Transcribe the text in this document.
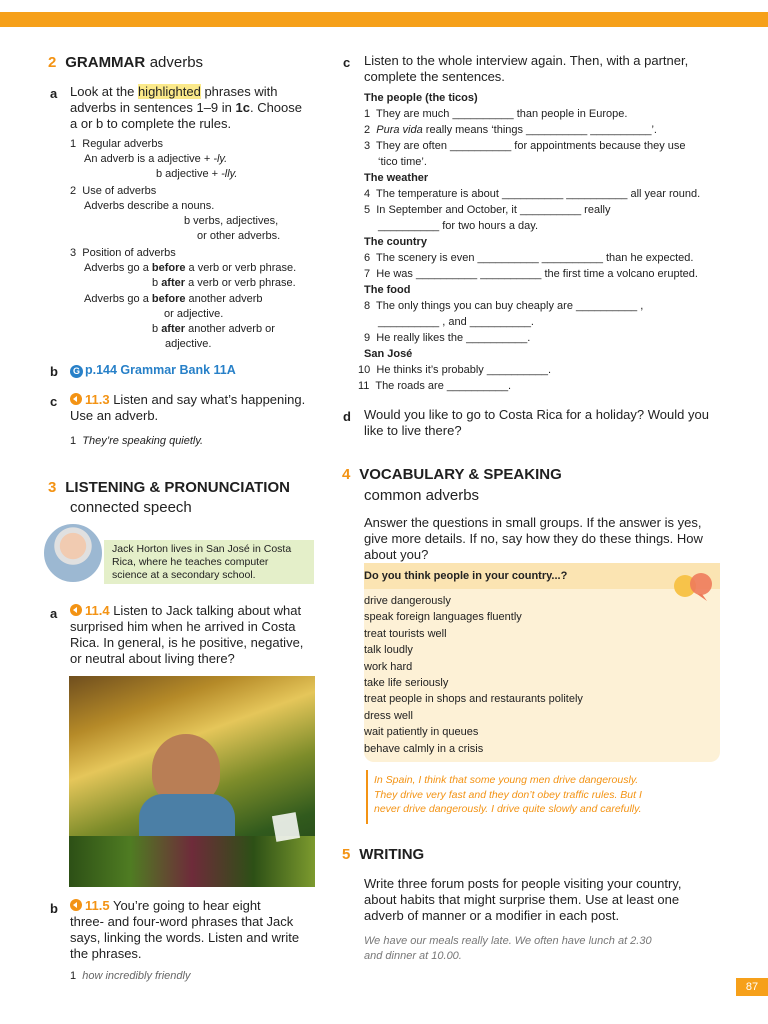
2 GRAMMAR adverbs
a Look at the highlighted phrases with
adverbs in sentences 1–9 in 1c. Choose
a or b to complete the rules.
1 Regular adverbs
An adverb is a adjective + -ly.
b adjective + -lly.
2 Use of adverbs
Adverbs describe a nouns.
b verbs, adjectives,
or other adverbs.
3 Position of adverbs
Adverbs go a before a verb or verb phrase.
b after a verb or verb phrase.
Adverbs go a before another adverb
or adjective.
b after another adverb or
adjective.
b	G p.144 Grammar Bank 11A
c	11.3 Listen and say what’s happening.
Use an adverb.
1 They’re speaking quietly.
3 LISTENING & PRONUNCIATION
connected speech
Jack Horton lives in San José in Costa Rica, where he teaches computer science at a secondary school.
a	11.4 Listen to Jack talking about what
surprised him when he arrived in Costa
Rica. In general, is he positive, negative,
or neutral about living there?
b	11.5 You’re going to hear eight
three- and four-word phrases that Jack
says, linking the words. Listen and write
the phrases.
1 how incredibly friendly
c Listen to the whole interview again. Then, with a partner,
complete the sentences.
The people (the ticos)
1 They are much __________ than people in Europe.
2 Pura vida really means ‘things __________ __________’.
3 They are often __________ for appointments because they use
‘tico time’.
The weather
4 The temperature is about __________ __________ all year round.
5 In September and October, it __________ really
__________ for two hours a day.
The country
6 The scenery is even __________ __________ than he expected.
7 He was __________ __________ the first time a volcano erupted.
The food
8 The only things you can buy cheaply are __________ ,
__________ , and __________.
9 He really likes the __________.
San José
10 He thinks it’s probably __________.
11 The roads are __________.
d Would you like to go to Costa Rica for a holiday? Would you
like to live there?
4 VOCABULARY & SPEAKING
common adverbs
Answer the questions in small groups. If the answer is yes,
give more details. If no, say how they do these things. How
about you?
Do you think people in your country...?
drive dangerously
speak foreign languages fluently
treat tourists well
talk loudly
work hard
take life seriously
treat people in shops and restaurants politely
dress well
wait patiently in queues
behave calmly in a crisis
In Spain, I think that some young men drive dangerously.
They drive very fast and they don’t obey traffic rules. But I
never drive dangerously. I drive quite slowly and carefully.
5 WRITING
Write three forum posts for people visiting your country,
about habits that might surprise them. Use at least one
adverb of manner or a modifier in each post.
We have our meals really late. We often have lunch at 2.30
and dinner at 10.00.
87
